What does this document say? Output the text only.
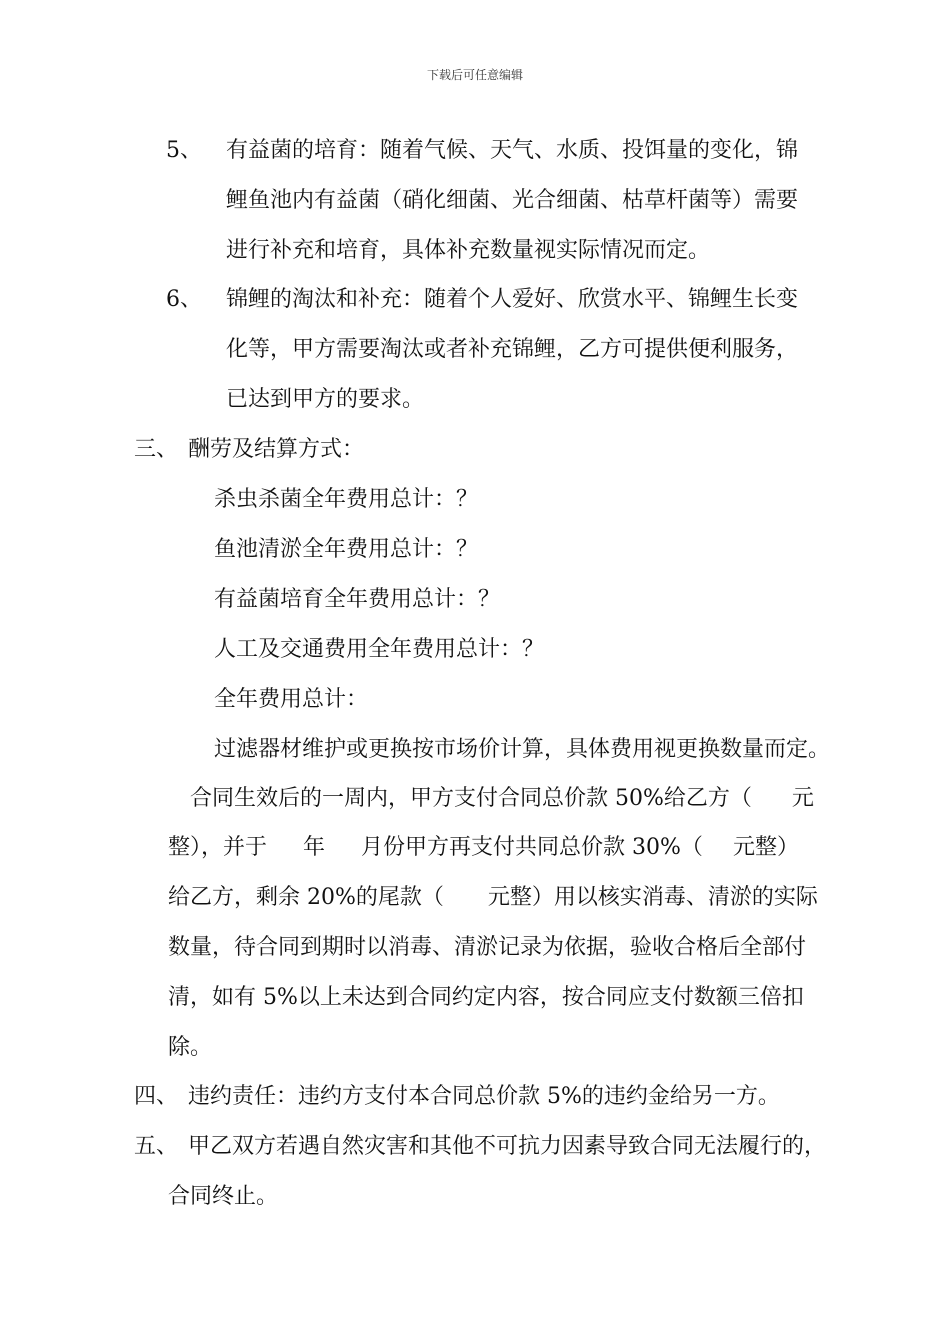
下载后可任意编辑
5、 有益菌的培育：随着气候、天气、水质、投饵量的变化，锦
鲤鱼池内有益菌（硝化细菌、光合细菌、枯草杆菌等）需要
进行补充和培育，具体补充数量视实际情况而定。
6、 锦鲤的淘汰和补充：随着个人爱好、欣赏水平、锦鲤生长变
化等，甲方需要淘汰或者补充锦鲤，乙方可提供便利服务，
已达到甲方的要求。
三、 酬劳及结算方式：
杀虫杀菌全年费用总计：？
鱼池清淤全年费用总计：？
有益菌培育全年费用总计：？
人工及交通费用全年费用总计：？
全年费用总计：
过滤器材维护或更换按市场价计算，具体费用视更换数量而定。
合同生效后的一周内，甲方支付合同总价款 50%给乙方（ 元
整），并于 年 月份甲方再支付共同总价款 30%（ 元整）
给乙方，剩余 20%的尾款（ 元整）用以核实消毒、清淤的实际
数量，待合同到期时以消毒、清淤记录为依据，验收合格后全部付
清，如有 5%以上未达到合同约定内容，按合同应支付数额三倍扣
除。
四、 违约责任：违约方支付本合同总价款 5%的违约金给另一方。
五、 甲乙双方若遇自然灾害和其他不可抗力因素导致合同无法履行的，
合同终止。
